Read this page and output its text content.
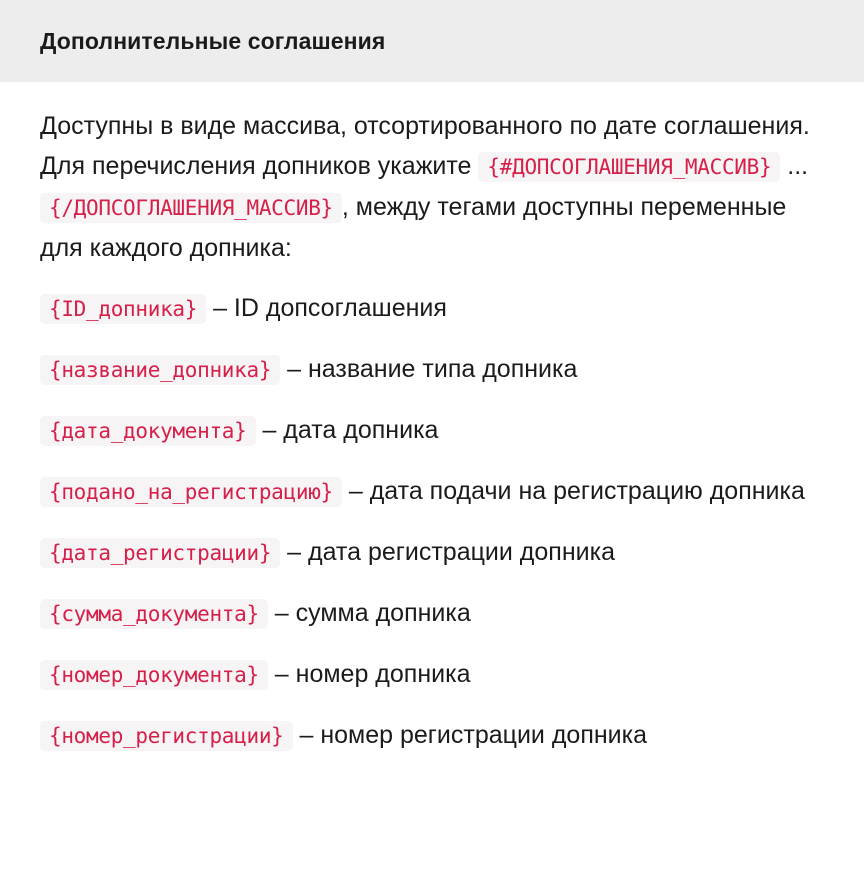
Дополнительные соглашения

Доступны в виде массива, отсортированного по дате соглашения. Для перечисления допников укажите {#ДОПСОГЛАШЕНИЯ_МАССИВ} ...
{/ДОПСОГЛАШЕНИЯ_МАССИВ} , между тегами доступны переменные для каждого допника:

{ID_допника} – ID допсоглашения
{название_допника} – название типа допника
{дата_документа} – дата допника
{подано_на_регистрацию} – дата подачи на регистрацию допника
{дата_регистрации} – дата регистрации допника
{сумма_документа} – сумма допника
{номер_документа} – номер допника
{номер_регистрации} – номер регистрации допника
